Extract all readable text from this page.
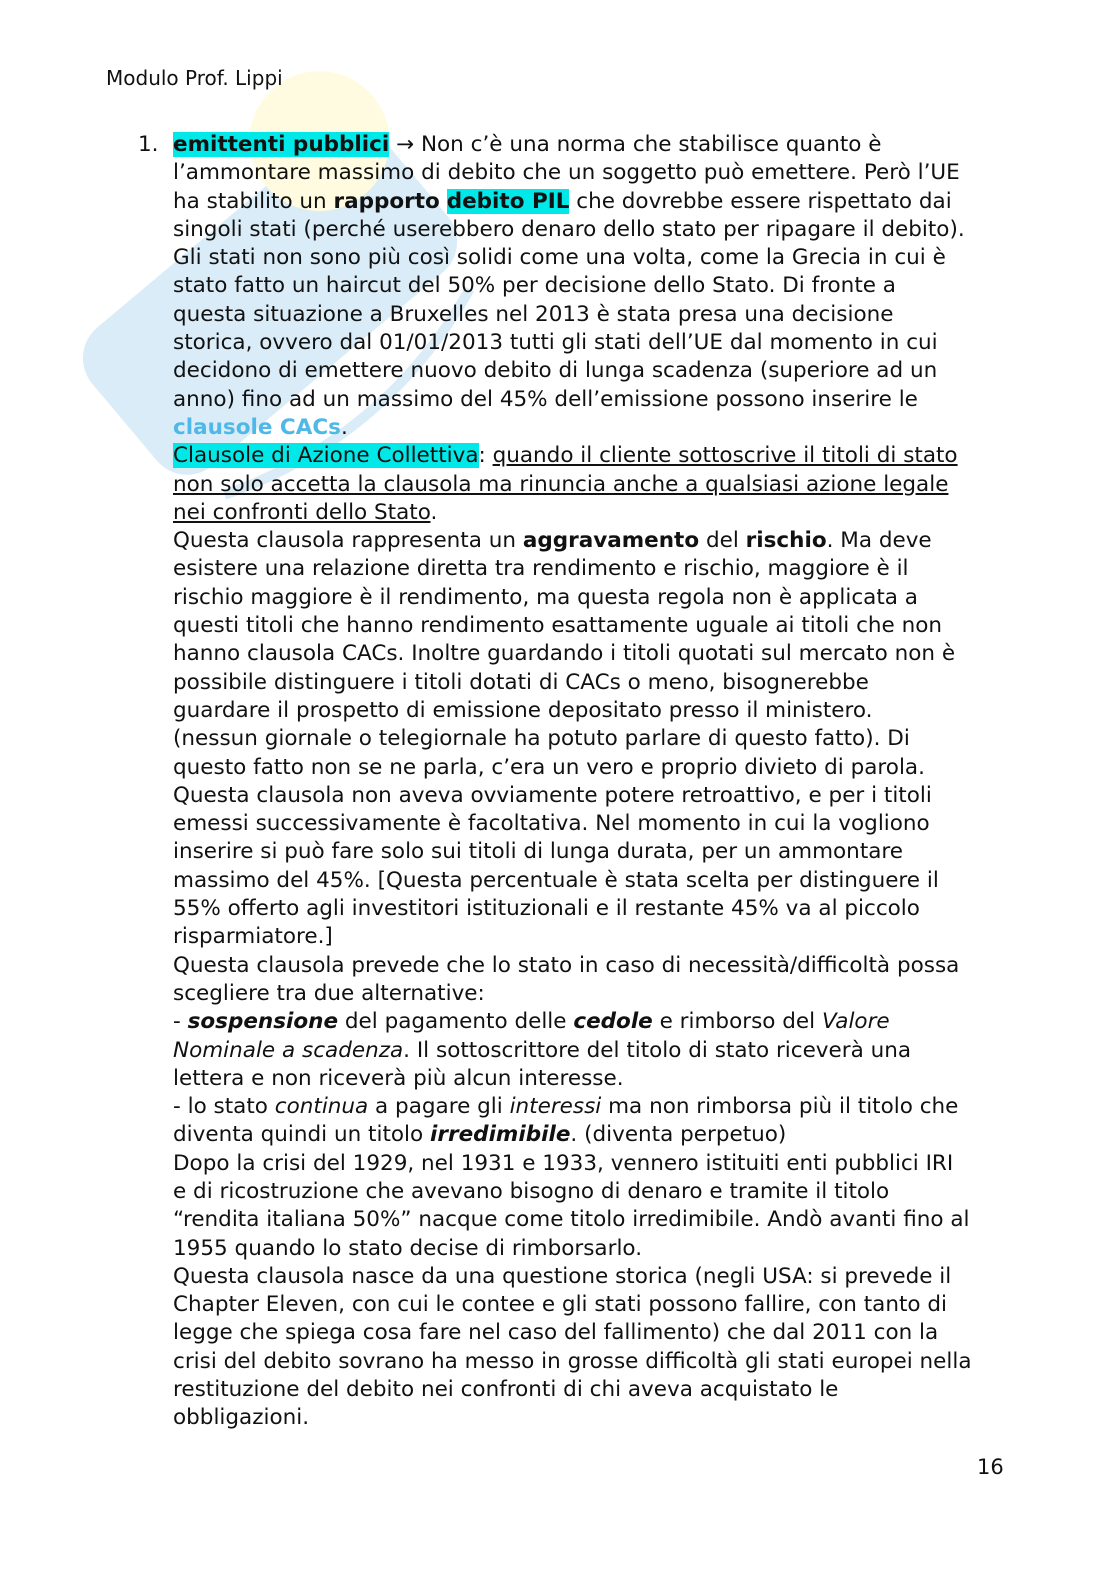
Modulo Prof. Lippi
1. emittenti pubblici → Non c’è una norma che stabilisce quanto è

l’ammontare massimo di debito che un soggetto può emettere. Però l’UE

ha stabilito un rapporto debito PIL che dovrebbe essere rispettato dai

singoli stati (perché userebbero denaro dello stato per ripagare il debito).

Gli stati non sono più così solidi come una volta, come la Grecia in cui è

stato fatto un haircut del 50% per decisione dello Stato. Di fronte a

questa situazione a Bruxelles nel 2013 è stata presa una decisione

storica, ovvero dal 01/01/2013 tutti gli stati dell’UE dal momento in cui

decidono di emettere nuovo debito di lunga scadenza (superiore ad un

anno) fino ad un massimo del 45% dell’emissione possono inserire le

clausole CACs.

Clausole di Azione Collettiva: quando il cliente sottoscrive il titoli di stato

non solo accetta la clausola ma rinuncia anche a qualsiasi azione legale

nei confronti dello Stato.

Questa clausola rappresenta un aggravamento del rischio. Ma deve

esistere una relazione diretta tra rendimento e rischio, maggiore è il

rischio maggiore è il rendimento, ma questa regola non è applicata a

questi titoli che hanno rendimento esattamente uguale ai titoli che non

hanno clausola CACs. Inoltre guardando i titoli quotati sul mercato non è

possibile distinguere i titoli dotati di CACs o meno, bisognerebbe

guardare il prospetto di emissione depositato presso il ministero.

(nessun giornale o telegiornale ha potuto parlare di questo fatto). Di

questo fatto non se ne parla, c’era un vero e proprio divieto di parola.

Questa clausola non aveva ovviamente potere retroattivo, e per i titoli

emessi successivamente è facoltativa. Nel momento in cui la vogliono

inserire si può fare solo sui titoli di lunga durata, per un ammontare

massimo del 45%. [Questa percentuale è stata scelta per distinguere il

55% offerto agli investitori istituzionali e il restante 45% va al piccolo

risparmiatore.]

Questa clausola prevede che lo stato in caso di necessità/difficoltà possa

scegliere tra due alternative:

- sospensione del pagamento delle cedole e rimborso del Valore

Nominale a scadenza. Il sottoscrittore del titolo di stato riceverà una

lettera e non riceverà più alcun interesse.

- lo stato continua a pagare gli interessi ma non rimborsa più il titolo che

diventa quindi un titolo irredimibile. (diventa perpetuo)

Dopo la crisi del 1929, nel 1931 e 1933, vennero istituiti enti pubblici IRI

e di ricostruzione che avevano bisogno di denaro e tramite il titolo

“rendita italiana 50%” nacque come titolo irredimibile. Andò avanti fino al

1955 quando lo stato decise di rimborsarlo.

Questa clausola nasce da una questione storica (negli USA: si prevede il

Chapter Eleven, con cui le contee e gli stati possono fallire, con tanto di

legge che spiega cosa fare nel caso del fallimento) che dal 2011 con la

crisi del debito sovrano ha messo in grosse difficoltà gli stati europei nella

restituzione del debito nei confronti di chi aveva acquistato le

obbligazioni.

16
